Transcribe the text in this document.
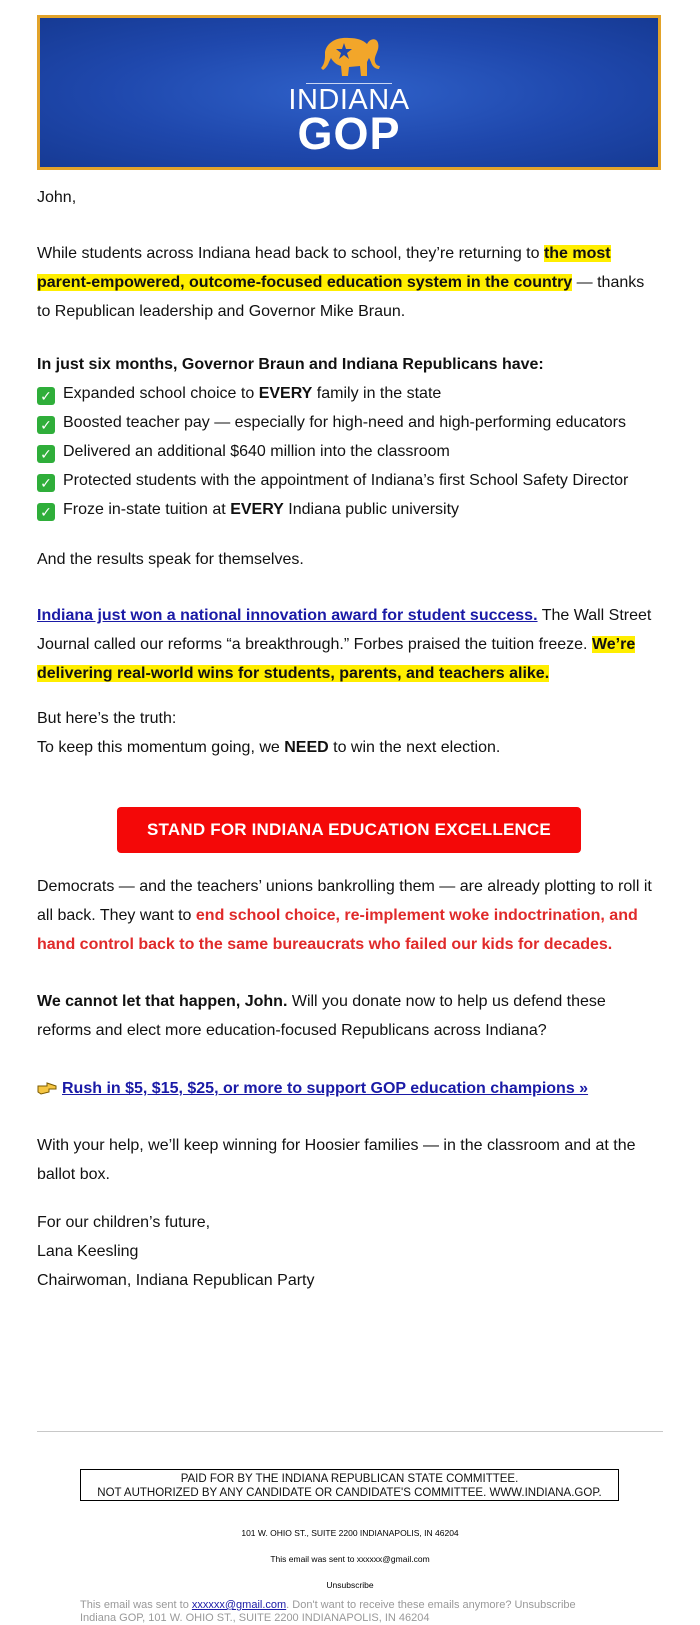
INDIANA
GOP
John,
While students across Indiana head back to school, they’re returning to the most
parent-empowered, outcome-focused education system in the country — thanks
to Republican leadership and Governor Mike Braun.
In just six months, Governor Braun and Indiana Republicans have:
✓ Expanded school choice to EVERY family in the state
✓ Boosted teacher pay — especially for high-need and high-performing educators
✓ Delivered an additional $640 million into the classroom
✓ Protected students with the appointment of Indiana’s first School Safety Director
✓ Froze in-state tuition at EVERY Indiana public university
And the results speak for themselves.
Indiana just won a national innovation award for student success. The Wall Street
Journal called our reforms “a breakthrough.” Forbes praised the tuition freeze. We’re
delivering real-world wins for students, parents, and teachers alike.
But here’s the truth:
To keep this momentum going, we NEED to win the next election.
STAND FOR INDIANA EDUCATION EXCELLENCE
Democrats — and the teachers’ unions bankrolling them — are already plotting to roll it
all back. They want to end school choice, re-implement woke indoctrination, and
hand control back to the same bureaucrats who failed our kids for decades.
We cannot let that happen, John. Will you donate now to help us defend these
reforms and elect more education-focused Republicans across Indiana?
Rush in $5, $15, $25, or more to support GOP education champions »
With your help, we’ll keep winning for Hoosier families — in the classroom and at the
ballot box.
For our children’s future,
Lana Keesling
Chairwoman, Indiana Republican Party
PAID FOR BY THE INDIANA REPUBLICAN STATE COMMITTEE.
NOT AUTHORIZED BY ANY CANDIDATE OR CANDIDATE'S COMMITTEE. WWW.INDIANA.GOP.
101 W. OHIO ST., SUITE 2200 INDIANAPOLIS, IN 46204
This email was sent to xxxxxx@gmail.com
Unsubscribe
This email was sent to xxxxxx@gmail.com. Don't want to receive these emails anymore? Unsubscribe
Indiana GOP, 101 W. OHIO ST., SUITE 2200 INDIANAPOLIS, IN 46204
